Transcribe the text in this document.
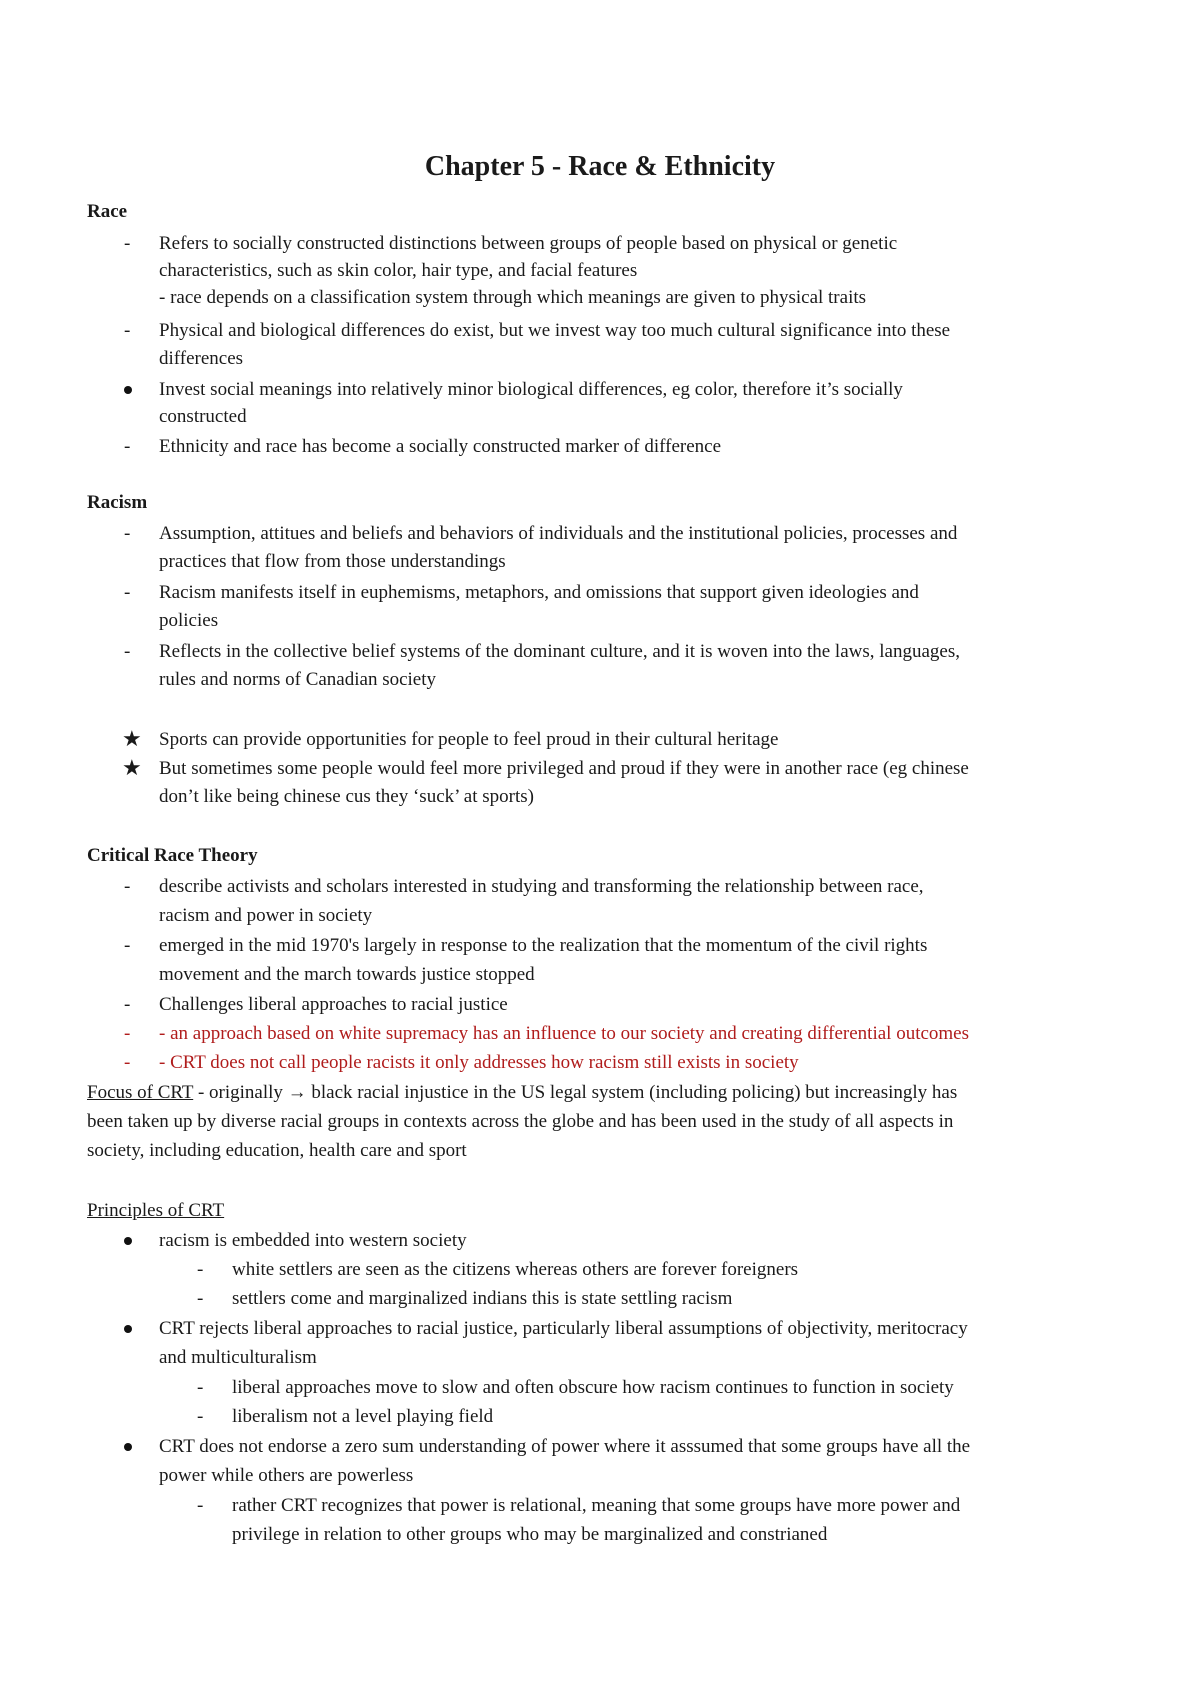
Chapter 5 - Race & Ethnicity
Race
- Refers to socially constructed distinctions between groups of people based on physical or genetic
characteristics, such as skin color, hair type, and facial features
- race depends on a classification system through which meanings are given to physical traits
- Physical and biological differences do exist, but we invest way too much cultural significance into these
differences
Invest social meanings into relatively minor biological differences, eg color, therefore it’s socially
constructed
- Ethnicity and race has become a socially constructed marker of difference
Racism
- Assumption, attitues and beliefs and behaviors of individuals and the institutional policies, processes and
practices that flow from those understandings
- Racism manifests itself in euphemisms, metaphors, and omissions that support given ideologies and
policies
- Reflects in the collective belief systems of the dominant culture, and it is woven into the laws, languages,
rules and norms of Canadian society
★ Sports can provide opportunities for people to feel proud in their cultural heritage
★ But sometimes some people would feel more privileged and proud if they were in another race (eg chinese
don’t like being chinese cus they ‘suck’ at sports)
Critical Race Theory
- describe activists and scholars interested in studying and transforming the relationship between race,
racism and power in society
- emerged in the mid 1970's largely in response to the realization that the momentum of the civil rights
movement and the march towards justice stopped
- Challenges liberal approaches to racial justice
- - an approach based on white supremacy has an influence to our society and creating differential outcomes
- - CRT does not call people racists it only addresses how racism still exists in society
Focus of CRT - originally → black racial injustice in the US legal system (including policing) but increasingly has
been taken up by diverse racial groups in contexts across the globe and has been used in the study of all aspects in
society, including education, health care and sport
Principles of CRT
racism is embedded into western society
- white settlers are seen as the citizens whereas others are forever foreigners
- settlers come and marginalized indians this is state settling racism
CRT rejects liberal approaches to racial justice, particularly liberal assumptions of objectivity, meritocracy
and multiculturalism
- liberal approaches move to slow and often obscure how racism continues to function in society
- liberalism not a level playing field
CRT does not endorse a zero sum understanding of power where it asssumed that some groups have all the
power while others are powerless
- rather CRT recognizes that power is relational, meaning that some groups have more power and
privilege in relation to other groups who may be marginalized and constrianed
